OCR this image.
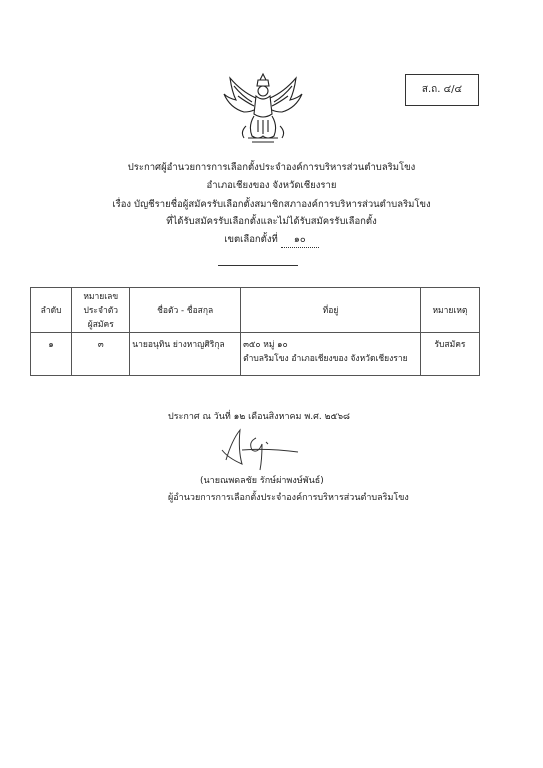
ส.ถ. ๔/๔
ประกาศผู้อำนวยการการเลือกตั้งประจำองค์การบริหารส่วนตำบลริมโขง
อำเภอเชียงของ จังหวัดเชียงราย
เรื่อง บัญชีรายชื่อผู้สมัครรับเลือกตั้งสมาชิกสภาองค์การบริหารส่วนตำบลริมโขง
ที่ได้รับสมัครรับเลือกตั้งและไม่ได้รับสมัครรับเลือกตั้ง
เขตเลือกตั้งที่ ๑๐
ลำดับ	หมายเลข
ประจำตัว
ผู้สมัคร	ชื่อตัว - ชื่อสกุล	ที่อยู่	หมายเหตุ
๑	๓	นายอนุทิน ย่างหาญศิริกุล	๓๕๐ หมู่ ๑๐
ตำบลริมโขง อำเภอเชียงของ จังหวัดเชียงราย	รับสมัคร
ประกาศ ณ วันที่ ๑๒ เดือนสิงหาคม พ.ศ. ๒๕๖๘
(นายณพดลชัย รักษ์ผ่าพงษ์พันธ์)
ผู้อำนวยการการเลือกตั้งประจำองค์การบริหารส่วนตำบลริมโขง
